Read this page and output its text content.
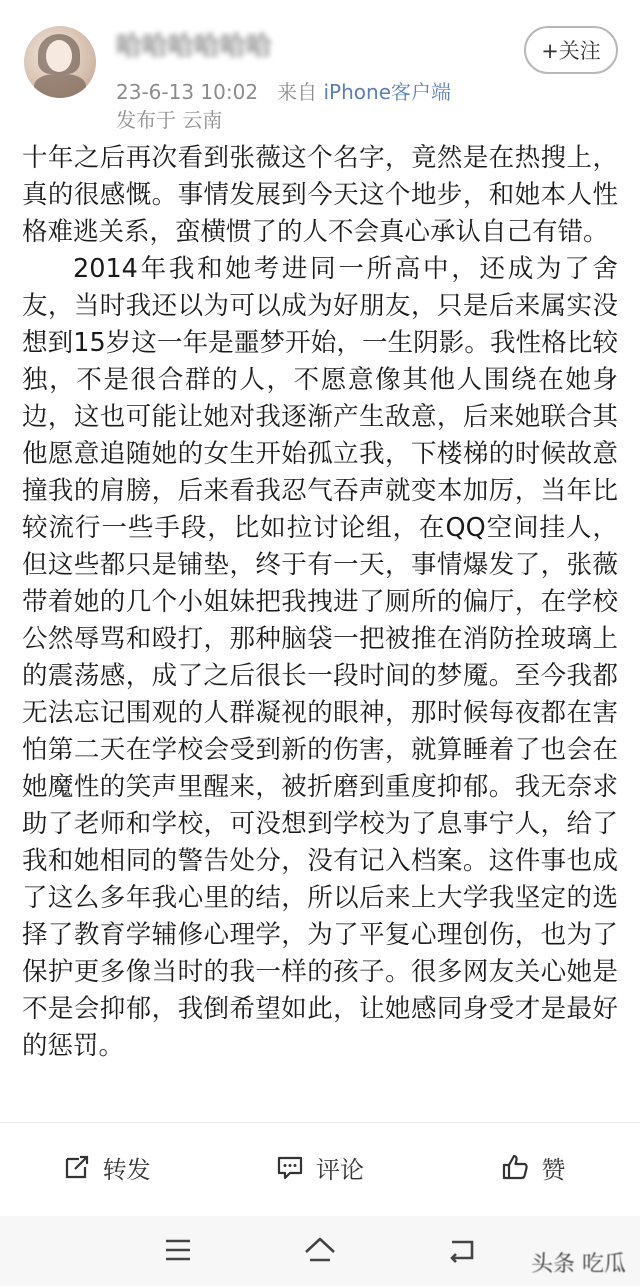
哈哈哈哈哈哈
23-6-13 10:02 来自 iPhone客户端
发布于 云南
+关注

十年之后再次看到张薇这个名字，竟然是在热搜上，真的很感慨。事情发展到今天这个地步，和她本人性格难逃关系，蛮横惯了的人不会真心承认自己有错。

2014年我和她考进同一所高中，还成为了舍友，当时我还以为可以成为好朋友，只是后来属实没想到15岁这一年是噩梦开始，一生阴影。我性格比较独，不是很合群的人，不愿意像其他人围绕在她身边，这也可能让她对我逐渐产生敌意，后来她联合其他愿意追随她的女生开始孤立我，下楼梯的时候故意撞我的肩膀，后来看我忍气吞声就变本加厉，当年比较流行一些手段，比如拉讨论组，在QQ空间挂人，但这些都只是铺垫，终于有一天，事情爆发了，张薇带着她的几个小姐妹把我拽进了厕所的偏厅，在学校公然辱骂和殴打，那种脑袋一把被推在消防拴玻璃上的震荡感，成了之后很长一段时间的梦魇。至今我都无法忘记围观的人群凝视的眼神，那时候每夜都在害怕第二天在学校会受到新的伤害，就算睡着了也会在她魔性的笑声里醒来，被折磨到重度抑郁。我无奈求助了老师和学校，可没想到学校为了息事宁人，给了我和她相同的警告处分，没有记入档案。这件事也成了这么多年我心里的结，所以后来上大学我坚定的选择了教育学辅修心理学，为了平复心理创伤，也为了保护更多像当时的我一样的孩子。很多网友关心她是不是会抑郁，我倒希望如此，让她感同身受才是最好的惩罚。

转发	评论	赞
头条 吃瓜
